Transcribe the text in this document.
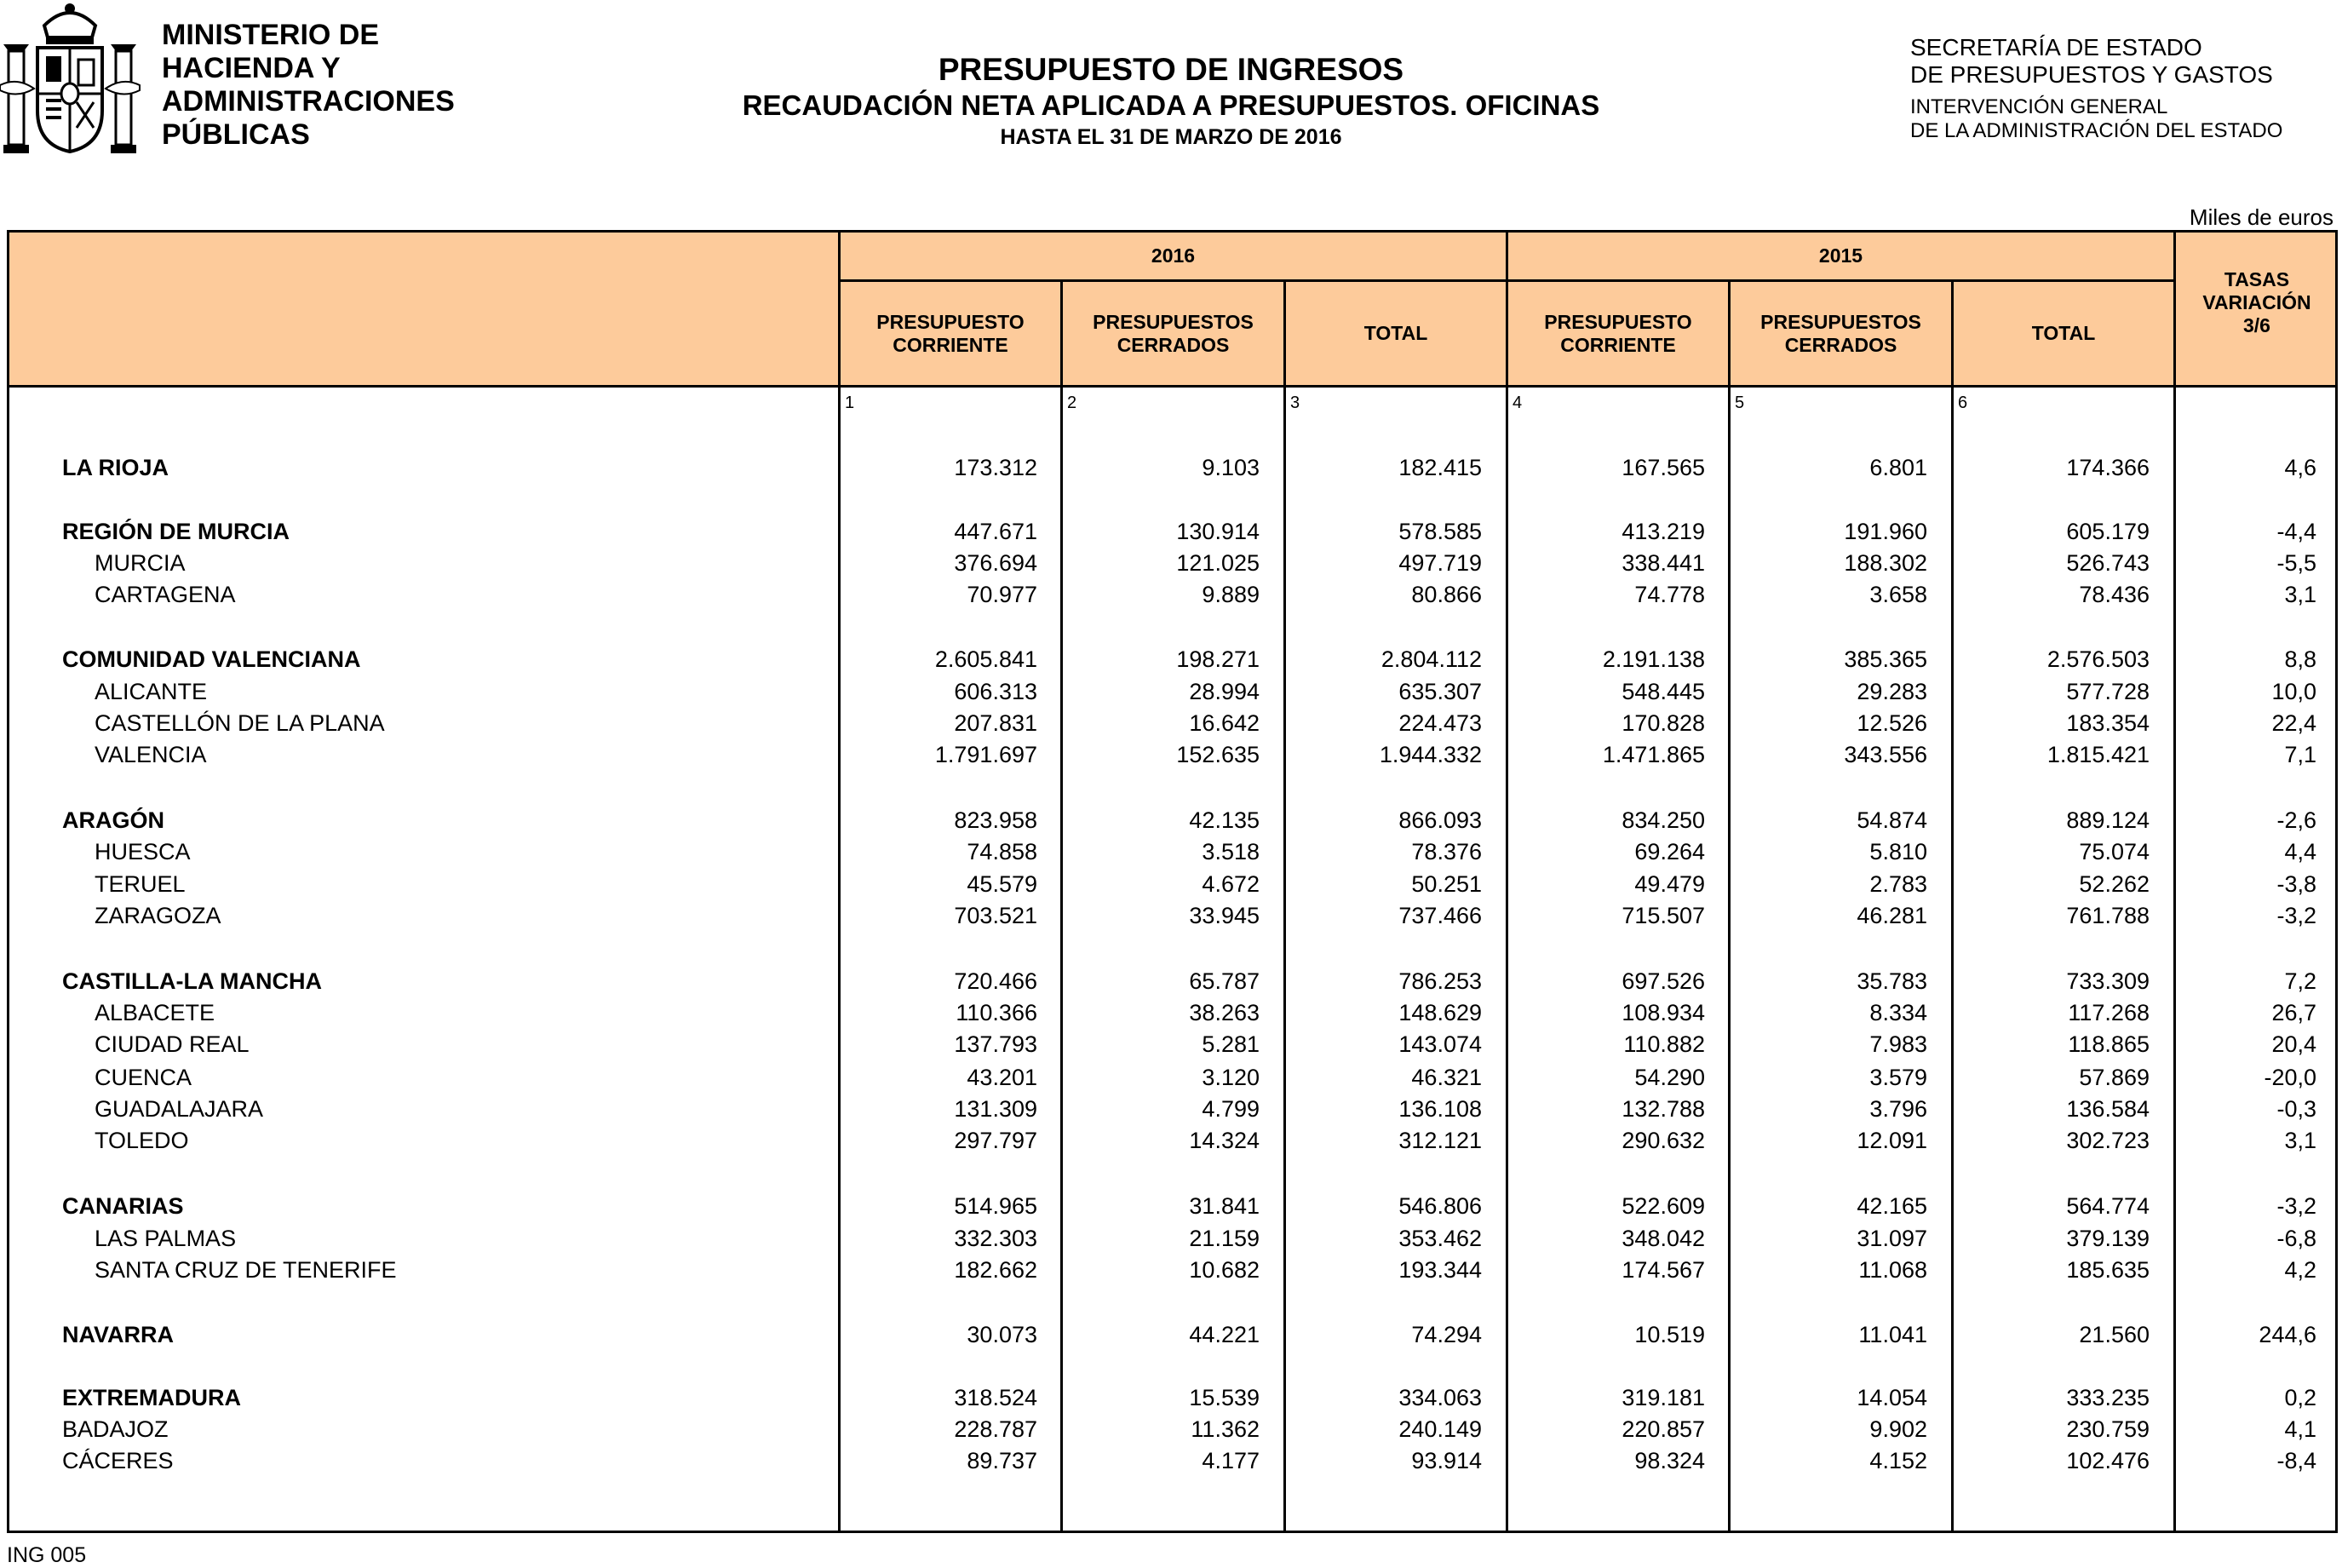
MINISTERIO DE
HACIENDA Y
ADMINISTRACIONES
PÚBLICAS
PRESUPUESTO DE INGRESOS
RECAUDACIÓN NETA APLICADA A PRESUPUESTOS. OFICINAS
HASTA EL 31 DE MARZO DE 2016
SECRETARÍA DE ESTADO
DE PRESUPUESTOS Y GASTOS
INTERVENCIÓN GENERAL
DE LA ADMINISTRACIÓN DEL ESTADO
Miles de euros
2016	2015
PRESUPUESTO
CORRIENTE
PRESUPUESTOS
CERRADOS
TOTAL
PRESUPUESTO
CORRIENTE
PRESUPUESTOS
CERRADOS
TOTAL
TASAS
VARIACIÓN
3/6
1	2	3	4	5	6
LA RIOJA	173.312	9.103	182.415	167.565	6.801	174.366	4,6
REGIÓN DE MURCIA	447.671	130.914	578.585	413.219	191.960	605.179	-4,4
MURCIA	376.694	121.025	497.719	338.441	188.302	526.743	-5,5
CARTAGENA	70.977	9.889	80.866	74.778	3.658	78.436	3,1
COMUNIDAD VALENCIANA	2.605.841	198.271	2.804.112	2.191.138	385.365	2.576.503	8,8
ALICANTE	606.313	28.994	635.307	548.445	29.283	577.728	10,0
CASTELLÓN DE LA PLANA	207.831	16.642	224.473	170.828	12.526	183.354	22,4
VALENCIA	1.791.697	152.635	1.944.332	1.471.865	343.556	1.815.421	7,1
ARAGÓN	823.958	42.135	866.093	834.250	54.874	889.124	-2,6
HUESCA	74.858	3.518	78.376	69.264	5.810	75.074	4,4
TERUEL	45.579	4.672	50.251	49.479	2.783	52.262	-3,8
ZARAGOZA	703.521	33.945	737.466	715.507	46.281	761.788	-3,2
CASTILLA-LA MANCHA	720.466	65.787	786.253	697.526	35.783	733.309	7,2
ALBACETE	110.366	38.263	148.629	108.934	8.334	117.268	26,7
CIUDAD REAL	137.793	5.281	143.074	110.882	7.983	118.865	20,4
CUENCA	43.201	3.120	46.321	54.290	3.579	57.869	-20,0
GUADALAJARA	131.309	4.799	136.108	132.788	3.796	136.584	-0,3
TOLEDO	297.797	14.324	312.121	290.632	12.091	302.723	3,1
CANARIAS	514.965	31.841	546.806	522.609	42.165	564.774	-3,2
LAS PALMAS	332.303	21.159	353.462	348.042	31.097	379.139	-6,8
SANTA CRUZ DE TENERIFE	182.662	10.682	193.344	174.567	11.068	185.635	4,2
NAVARRA	30.073	44.221	74.294	10.519	11.041	21.560	244,6
EXTREMADURA	318.524	15.539	334.063	319.181	14.054	333.235	0,2
BADAJOZ	228.787	11.362	240.149	220.857	9.902	230.759	4,1
CÁCERES	89.737	4.177	93.914	98.324	4.152	102.476	-8,4
ING 005
